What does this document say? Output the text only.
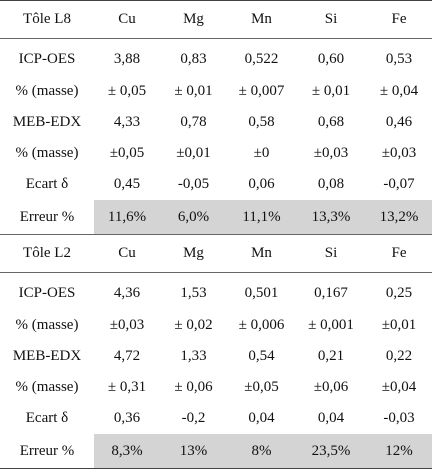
Tôle L8	Cu	Mg	Mn	Si	Fe
ICP-OES	3,88	0,83	0,522	0,60	0,53
% (masse)	± 0,05	± 0,01	± 0,007	± 0,01	± 0,04
MEB-EDX	4,33	0,78	0,58	0,68	0,46
% (masse)	±0,05	±0,01	±0	±0,03	±0,03
Ecart δ	0,45	-0,05	0,06	0,08	-0,07
Erreur %	11,6%	6,0%	11,1%	13,3%	13,2%
Tôle L2	Cu	Mg	Mn	Si	Fe
ICP-OES	4,36	1,53	0,501	0,167	0,25
% (masse)	±0,03	± 0,02	± 0,006	± 0,001	±0,01
MEB-EDX	4,72	1,33	0,54	0,21	0,22
% (masse)	± 0,31	± 0,06	±0,05	±0,06	±0,04
Ecart δ	0,36	-0,2	0,04	0,04	-0,03
Erreur %	8,3%	13%	8%	23,5%	12%
